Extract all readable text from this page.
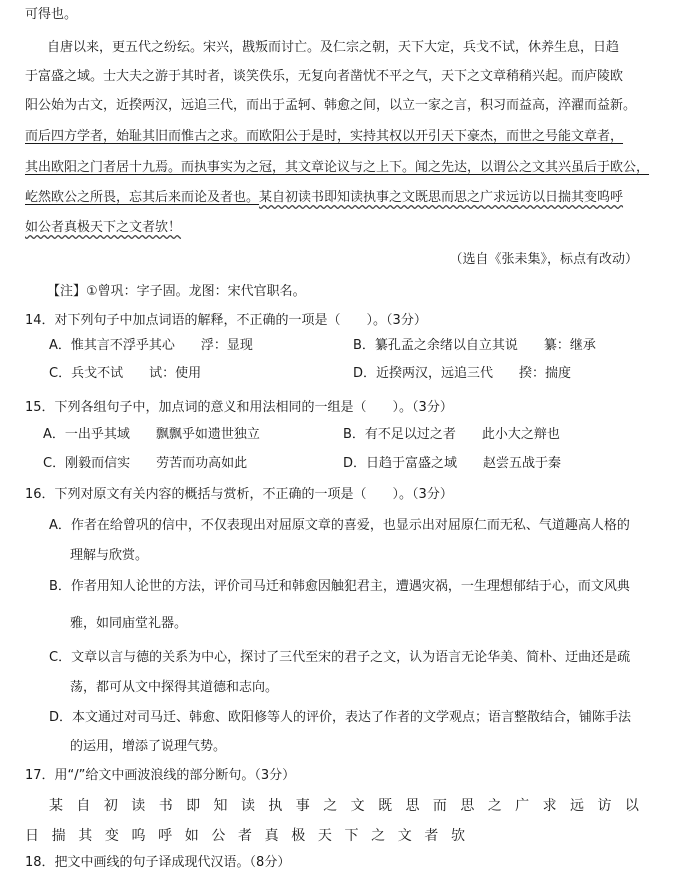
可得也。
自唐以来，更五代之纷纭。宋兴，戡叛而讨亡。及仁宗之朝，天下大定，兵戈不试，休养生息，日趋
于富盛之域。士大夫之游于其时者，谈笑佚乐，无复向者凿忧不平之气，天下之文章稍稍兴起。而庐陵欧
阳公始为古文，近揆两汉，远追三代，而出于孟轲、韩愈之间，以立一家之言，积习而益高，淬濯而益新。
而后四方学者，始耻其旧而惟古之求。而欧阳公于是时，实持其权以开引天下豪杰，而世之号能文章者，
其出欧阳之门者居十九焉。而执事实为之冠，其文章论议与之上下。闻之先达，以谓公之文其兴虽后于欧公，
屹然欧公之所畏，忘其后来而论及者也。某自初读书即知读执事之文既思而思之广求远访以日揣其变呜呼
如公者真极天下之文者欤！
（选自《张耒集》，标点有改动）
【注】①曾巩：字子固。龙图：宋代官职名。
14．对下列句子中加点词语的解释，不正确的一项是（　　）。（3分）
A．惟其言不浮乎其心　　浮：显现	B．纂孔孟之余绪以自立其说　　纂：继承
C．兵戈不试　　试：使用	D．近揆两汉，远追三代　　揆：揣度
15．下列各组句子中，加点词的意义和用法相同的一组是（　　）。（3分）
A．一出乎其域　　飘飘乎如遗世独立	B．有不足以过之者　　此小大之辩也
C．刚毅而信实　　劳苦而功高如此	D．日趋于富盛之域　　赵尝五战于秦
16．下列对原文有关内容的概括与赏析，不正确的一项是（　　）。（3分）
A．作者在给曾巩的信中，不仅表现出对屈原文章的喜爱，也显示出对屈原仁而无私、气道趣高人格的
理解与欣赏。
B．作者用知人论世的方法，评价司马迁和韩愈因触犯君主，遭遇灾祸，一生理想郁结于心，而文风典
雅，如同庙堂礼器。
C．文章以言与德的关系为中心，探讨了三代至宋的君子之文，认为语言无论华美、简朴、迂曲还是疏
荡，都可从文中探得其道德和志向。
D．本文通过对司马迁、韩愈、欧阳修等人的评价，表达了作者的文学观点；语言整散结合，铺陈手法
的运用，增添了说理气势。
17．用“/”给文中画波浪线的部分断句。（3分）
某 自 初 读 书 即 知 读 执 事 之 文 既 思 而 思 之 广 求 远 访 以
日 揣 其 变 呜 呼 如 公 者 真 极 天 下 之 文 者 欤
18．把文中画线的句子译成现代汉语。（8分）
